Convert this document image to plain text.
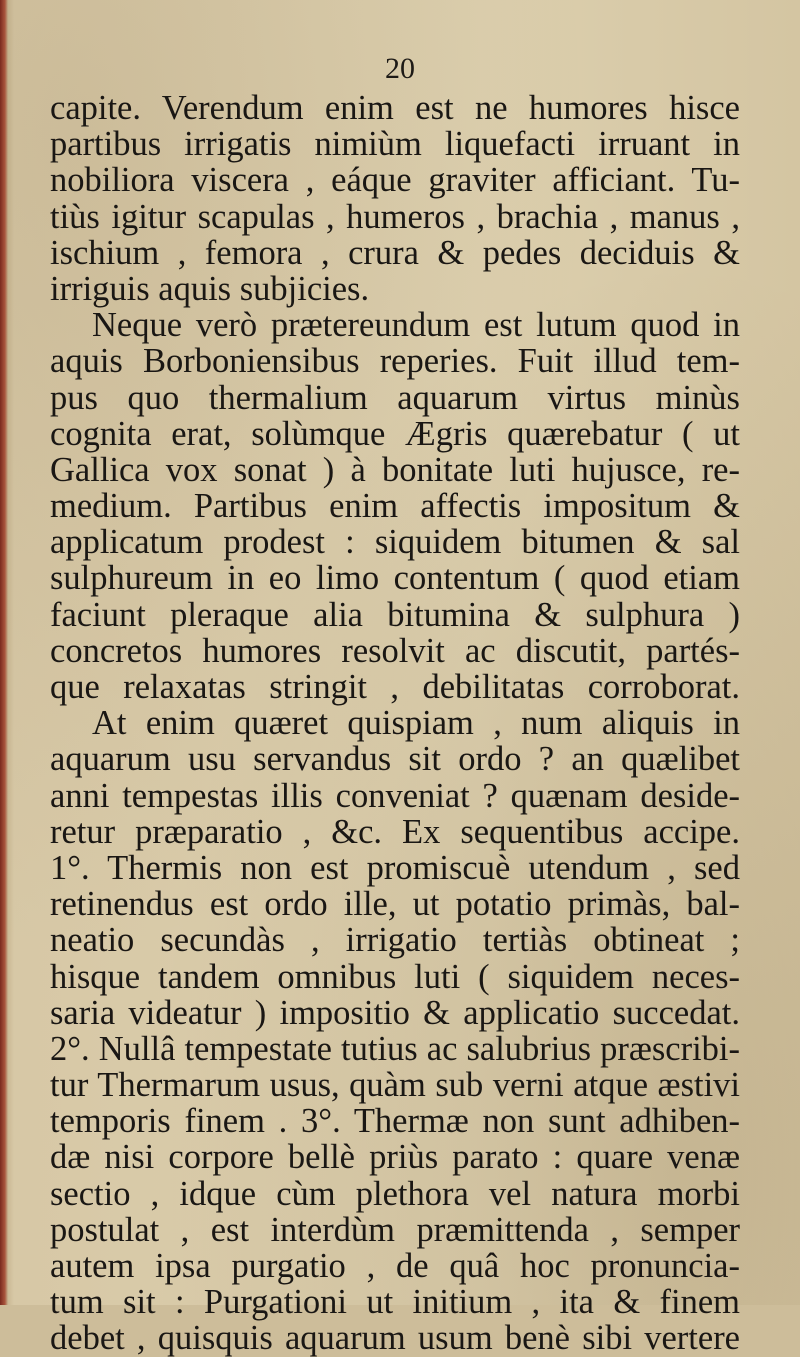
20
capite. Verendum enim est ne humores hisce
partibus irrigatis nimiùm liquefacti irruant in
nobiliora viscera , eáque graviter afficiant. Tu-
tiùs igitur scapulas , humeros , brachia , manus ,
ischium , femora , crura & pedes deciduis &
irriguis aquis subjicies.
Neque verò prætereundum est lutum quod in
aquis Borboniensibus reperies. Fuit illud tem-
pus quo thermalium aquarum virtus minùs
cognita erat, solùmque Ægris quærebatur ( ut
Gallica vox sonat ) à bonitate luti hujusce, re-
medium. Partibus enim affectis impositum &
applicatum prodest : siquidem bitumen & sal
sulphureum in eo limo contentum ( quod etiam
faciunt pleraque alia bitumina & sulphura )
concretos humores resolvit ac discutit, partés-
que relaxatas stringit , debilitatas corroborat.
At enim quæret quispiam , num aliquis in
aquarum usu servandus sit ordo ? an quælibet
anni tempestas illis conveniat ? quænam deside-
retur præparatio , &c. Ex sequentibus accipe.
1°. Thermis non est promiscuè utendum , sed
retinendus est ordo ille, ut potatio primàs, bal-
neatio secundàs , irrigatio tertiàs obtineat ;
hisque tandem omnibus luti ( siquidem neces-
saria videatur ) impositio & applicatio succedat.
2°. Nullâ tempestate tutius ac salubrius præscribi-
tur Thermarum usus, quàm sub verni atque æstivi
temporis finem . 3°. Thermæ non sunt adhiben-
dæ nisi corpore bellè priùs parato : quare venæ
sectio , idque cùm plethora vel natura morbi
postulat , est interdùm præmittenda , semper
autem ipsa purgatio , de quâ hoc pronuncia-
tum sit : Purgationi ut initium , ita & finem
debet , quisquis aquarum usum benè sibi vertere
